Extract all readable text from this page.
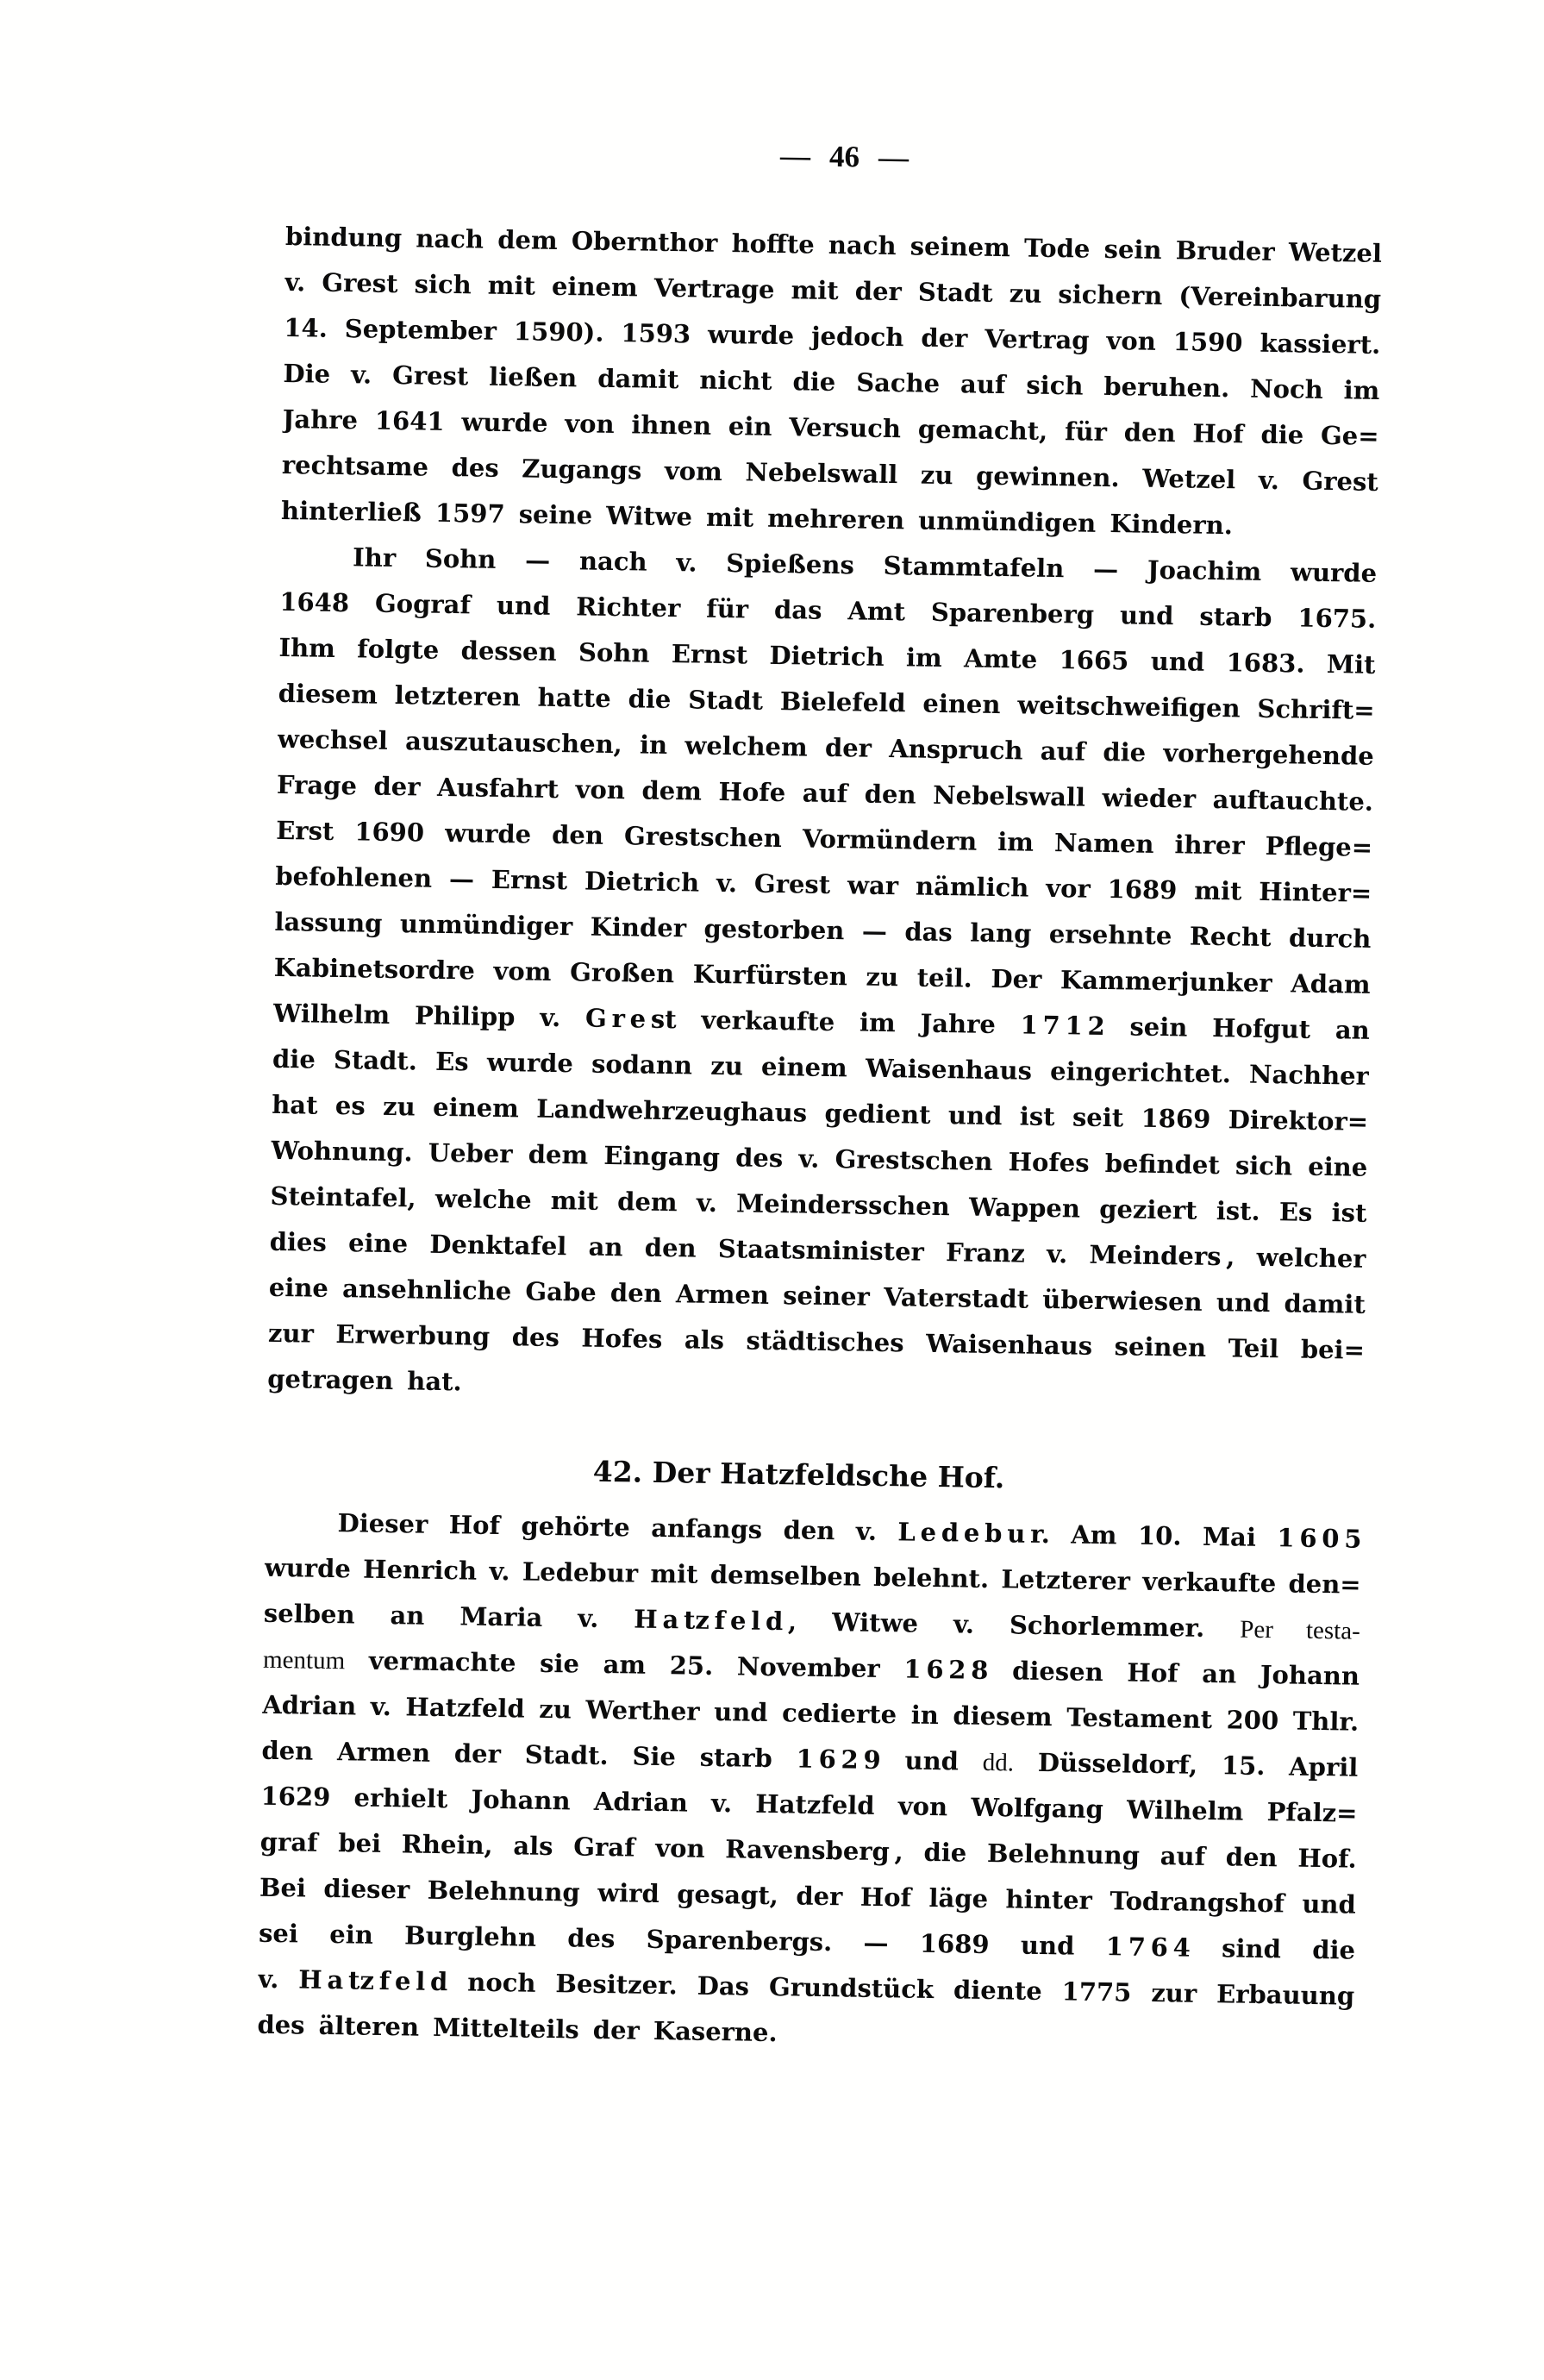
— 46 —
bindung nach dem Obernthor hoffte nach seinem Tode sein Bruder Wetzel
v. Grest sich mit einem Vertrage mit der Stadt zu sichern (Vereinbarung
14. September 1590). 1593 wurde jedoch der Vertrag von 1590 kassiert.
Die v. Grest ließen damit nicht die Sache auf sich beruhen. Noch im
Jahre 1641 wurde von ihnen ein Versuch gemacht, für den Hof die Ge=
rechtsame des Zugangs vom Nebelswall zu gewinnen. Wetzel v. Grest
hinterließ 1597 seine Witwe mit mehreren unmündigen Kindern.
Ihr Sohn — nach v. Spießens Stammtafeln — Joachim wurde
1648 Gograf und Richter für das Amt Sparenberg und starb 1675.
Ihm folgte dessen Sohn Ernst Dietrich im Amte 1665 und 1683. Mit
diesem letzteren hatte die Stadt Bielefeld einen weitschweifigen Schrift=
wechsel auszutauschen, in welchem der Anspruch auf die vorhergehende
Frage der Ausfahrt von dem Hofe auf den Nebelswall wieder auftauchte.
Erst 1690 wurde den Grestschen Vormündern im Namen ihrer Pflege=
befohlenen — Ernst Dietrich v. Grest war nämlich vor 1689 mit Hinter=
lassung unmündiger Kinder gestorben — das lang ersehnte Recht durch
Kabinetsordre vom Großen Kurfürsten zu teil. Der Kammerjunker Adam
Wilhelm Philipp v. G r e st verkaufte im Jahre 1 7 1 2 sein Hofgut an
die Stadt. Es wurde sodann zu einem Waisenhaus eingerichtet. Nachher
hat es zu einem Landwehrzeughaus gedient und ist seit 1869 Direktor=
Wohnung. Ueber dem Eingang des v. Grestschen Hofes befindet sich eine
Steintafel, welche mit dem v. Meindersschen Wappen geziert ist. Es ist
dies eine Denktafel an den Staatsminister Franz v. Meinders , welcher
eine ansehnliche Gabe den Armen seiner Vaterstadt überwiesen und damit
zur Erwerbung des Hofes als städtisches Waisenhaus seinen Teil bei=
getragen hat.
42. Der Hatzfeldsche Hof.
Dieser Hof gehörte anfangs den v. L e d e b u r. Am 10. Mai 1 6 0 5
wurde Henrich v. Ledebur mit demselben belehnt. Letzterer verkaufte den=
selben an Maria v. H a tz f e l d , Witwe v. Schorlemmer. Per testa-
mentum vermachte sie am 25. November 1 6 2 8 diesen Hof an Johann
Adrian v. Hatzfeld zu Werther und cedierte in diesem Testament 200 Thlr.
den Armen der Stadt. Sie starb 1 6 2 9 und dd. Düsseldorf, 15. April
1629 erhielt Johann Adrian v. Hatzfeld von Wolfgang Wilhelm Pfalz=
graf bei Rhein, als Graf von Ravensberg , die Belehnung auf den Hof.
Bei dieser Belehnung wird gesagt, der Hof läge hinter Todrangshof und
sei ein Burglehn des Sparenbergs. — 1689 und 1 7 6 4 sind die
v. H a tz f e l d noch Besitzer. Das Grundstück diente 1775 zur Erbauung
des älteren Mittelteils der Kaserne.
